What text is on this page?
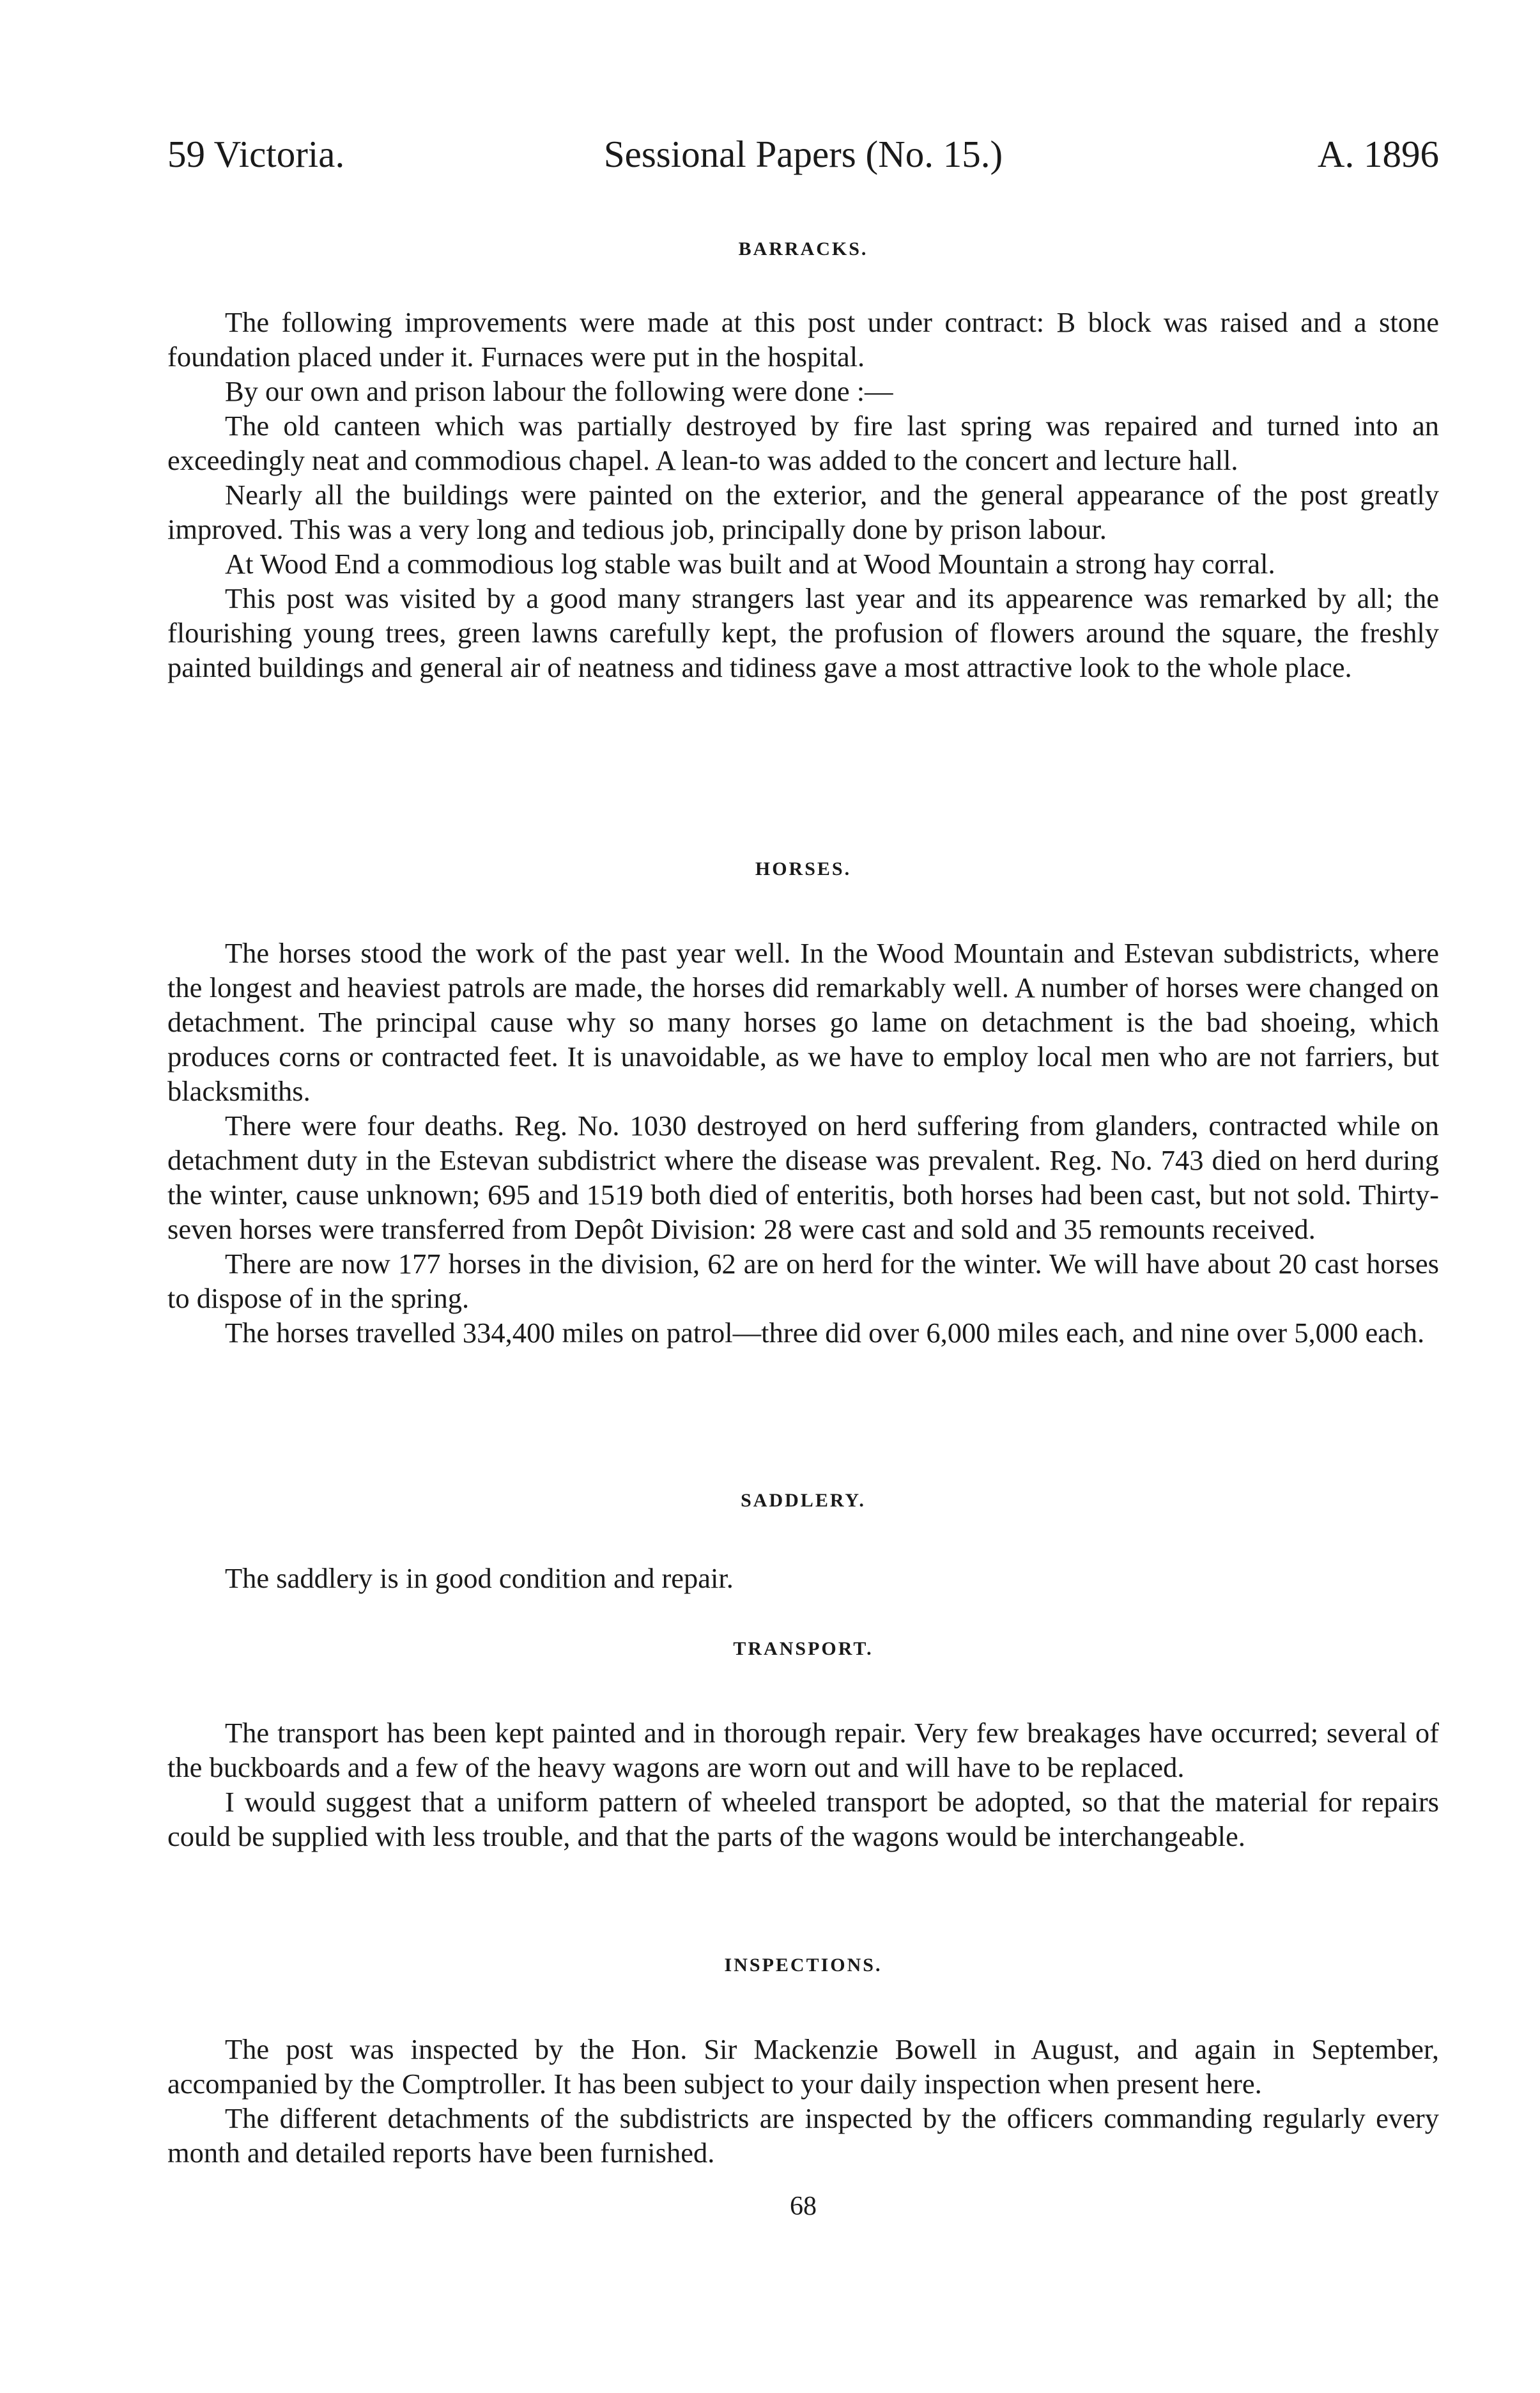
59 Victoria.	Sessional Papers (No. 15.)	A. 1896
BARRACKS.

The following improvements were made at this post under contract: B block was raised and a stone foundation placed under it. Furnaces were put in the hospital.

By our own and prison labour the following were done :—

The old canteen which was partially destroyed by fire last spring was repaired and turned into an exceedingly neat and commodious chapel. A lean-to was added to the concert and lecture hall.

Nearly all the buildings were painted on the exterior, and the general appearance of the post greatly improved. This was a very long and tedious job, principally done by prison labour.

At Wood End a commodious log stable was built and at Wood Mountain a strong hay corral.

This post was visited by a good many strangers last year and its appearence was remarked by all; the flourishing young trees, green lawns carefully kept, the profusion of flowers around the square, the freshly painted buildings and general air of neatness and tidiness gave a most attractive look to the whole place.

HORSES.

The horses stood the work of the past year well. In the Wood Mountain and Estevan subdistricts, where the longest and heaviest patrols are made, the horses did remarkably well. A number of horses were changed on detachment. The principal cause why so many horses go lame on detachment is the bad shoeing, which produces corns or contracted feet. It is unavoidable, as we have to employ local men who are not farriers, but blacksmiths.

There were four deaths. Reg. No. 1030 destroyed on herd suffering from glanders, contracted while on detachment duty in the Estevan subdistrict where the disease was prevalent. Reg. No. 743 died on herd during the winter, cause unknown; 695 and 1519 both died of enteritis, both horses had been cast, but not sold. Thirty-seven horses were transferred from Depôt Division: 28 were cast and sold and 35 remounts received.

There are now 177 horses in the division, 62 are on herd for the winter. We will have about 20 cast horses to dispose of in the spring.

The horses travelled 334,400 miles on patrol—three did over 6,000 miles each, and nine over 5,000 each.

SADDLERY.

The saddlery is in good condition and repair.

TRANSPORT.

The transport has been kept painted and in thorough repair. Very few breakages have occurred; several of the buckboards and a few of the heavy wagons are worn out and will have to be replaced.

I would suggest that a uniform pattern of wheeled transport be adopted, so that the material for repairs could be supplied with less trouble, and that the parts of the wagons would be interchangeable.

INSPECTIONS.

The post was inspected by the Hon. Sir Mackenzie Bowell in August, and again in September, accompanied by the Comptroller. It has been subject to your daily inspection when present here.

The different detachments of the subdistricts are inspected by the officers commanding regularly every month and detailed reports have been furnished.

68
